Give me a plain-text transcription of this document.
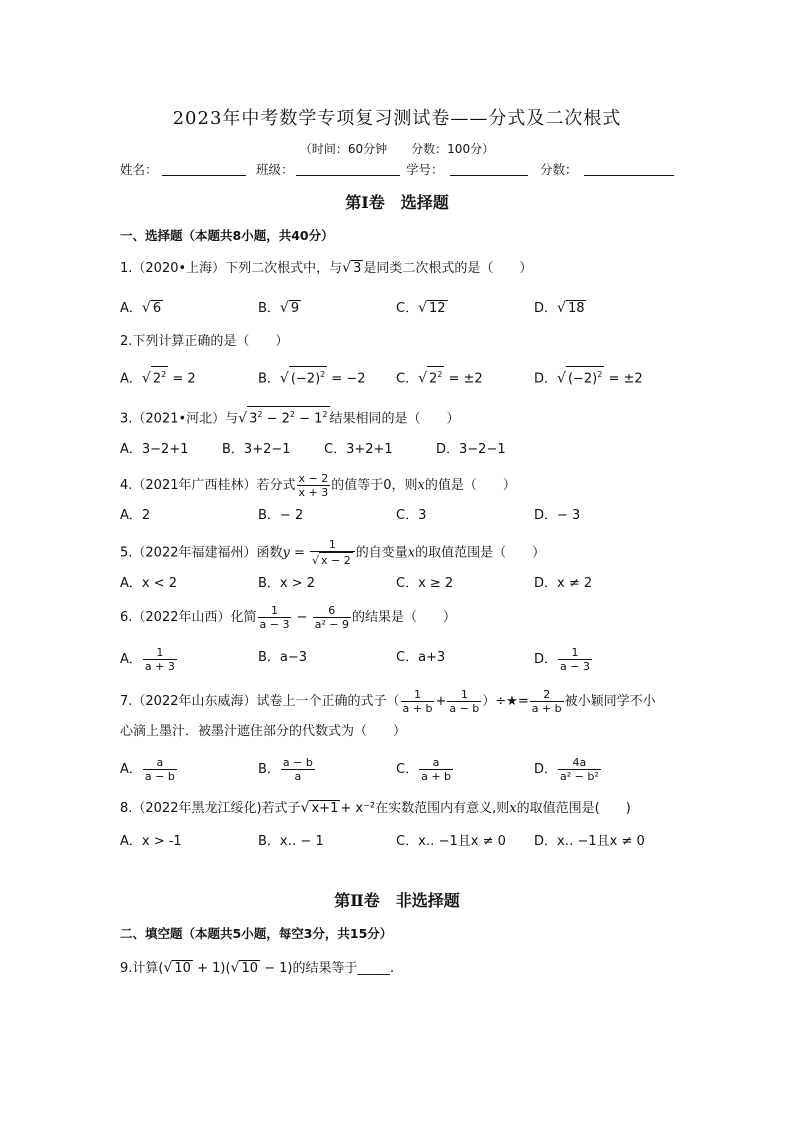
2023年中考数学专项复习测试卷——分式及二次根式
（时间：60分钟　　分数：100分）
姓名：	班级：	学号：	分数：
第Ⅰ卷　选择题
一、选择题（本题共8小题，共40分）
1.（2020•上海）下列二次根式中，与√ 3 是同类二次根式的是（　　）
A．√ 6	B．√ 9	C．√ 12	D．√ 18
2.下列计算正确的是（　　）
A．√ $2^2 = 2$	B．√ $(-2)^2 = -2$ C．√ $2^2 = \pm 2$	D．√ $(-2)^2 = \pm 2$
3.（2021•河北）与√ $3^2 - 2^2 - 1^2$ 结果相同的是（　　）
A．3−2+1	B．3+2−1	C．3+2+1	D．3−2−1
4.（2021年广西桂林）若分式 $\frac{x - 2}{x + 3}$ 的值等于0，则x的值是（　　）
A．2	B．− 2	C．3	D．− 3
5.（2022年福建福州）函数$y = \frac{1}{√ x - 2}$ 的自变量x的取值范围是（　　）
A．x < 2	B．x > 2	C．x ≥ 2	D．x ≠ 2
6.（2022年山西）化简 $\frac{1}{a - 3} - \frac{6}{\text{a² − 9}}$ 的结果是（　　）
A． $\frac{1}{a + 3}$	B．a−3	C．a+3	D． $\frac{1}{a - 3}$
7.（2022年山东威海）试卷上一个正确的式子（ $\frac{1}{a + b} + \frac{1}{a - b}$ ）÷★= $\frac{2}{a + b}$ 被小颖同学不小
心滴上墨汁．被墨汁遮住部分的代数式为（　　）
A． $\frac{a}{a - b}$	B． $\frac{a - b}{a}$	C． $\frac{a}{a + b}$	D． $\frac{4a}{\text{a² − b²}}$
8.（2022年黑龙江绥化)若式子√ x+1 + x⁻²在实数范围内有意义,则x的取值范围是(　　)
A．x > -1	B．x‥ − 1	C．x‥ −1且x ≠ 0 D．x‥ −1且x ≠ 0
第Ⅱ卷　非选择题
二、填空题（本题共5小题，每空3分，共15分）
9.计算(√ 10 + 1)(√ 10 − 1)的结果等于_____.
